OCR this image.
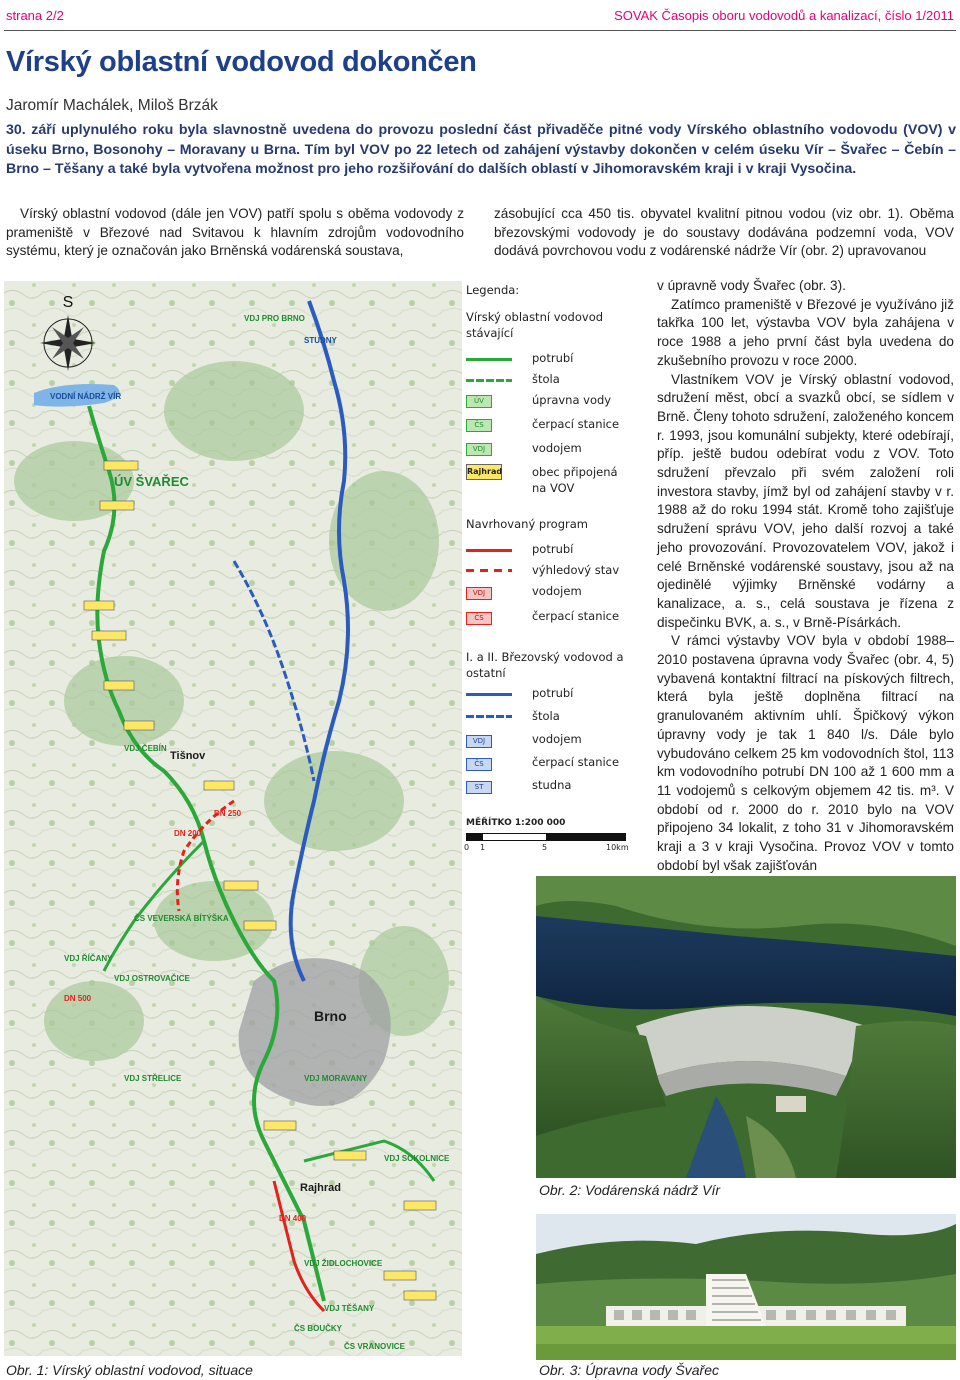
strana 2/2	SOVAK Časopis oboru vodovodů a kanalizací, číslo 1/2011
Vírský oblastní vodovod dokončen
Jaromír Machálek, Miloš Brzák
30. září uplynulého roku byla slavnostně uvedena do provozu poslední část přivaděče pitné vody Vírského oblastního vodovodu (VOV) v úseku Brno, Bosonohy – Moravany u Brna. Tím byl VOV po 22 letech od zahájení výstavby dokončen v celém úseku Vír – Švařec – Čebín – Brno – Těšany a také byla vytvořena možnost pro jeho rozšiřování do dalších oblastí v Jihomoravském kraji i v kraji Vysočina.

Vírský oblastní vodovod (dále jen VOV) patří spolu s oběma vodovody z prameniště v Březové nad Svitavou k hlavním zdrojům vodovodního systému, který je označován jako Brněnská vodárenská soustava,

zásobující cca 450 tis. obyvatel kvalitní pitnou vodou (viz obr. 1). Oběma březovskými vodovody je do soustavy dodávána podzemní voda, VOV dodává povrchovou vodu z vodárenské nádrže Vír (obr. 2) upravovanou

v úpravně vody Švařec (obr. 3).

Zatímco prameniště v Březové je využíváno již takřka 100 let, výstavba VOV byla zahájena v roce 1988 a jeho první část byla uvedena do zkušebního provozu v roce 2000.

Vlastníkem VOV je Vírský oblastní vodovod, sdružení měst, obcí a svazků obcí, se sídlem v Brně. Členy tohoto sdružení, založeného koncem r. 1993, jsou komunální subjekty, které odebírají, příp. ještě budou odebírat vodu z VOV. Toto sdružení převzalo při svém založení roli investora stavby, jímž byl od zahájení stavby v r. 1988 až do roku 1994 stát. Kromě toho zajišťuje sdružení správu VOV, jeho další rozvoj a také jeho provozování. Provozovatelem VOV, jakož i celé Brněnské vodárenské soustavy, jsou až na ojedinělé výjimky Brněnské vodárny a kanalizace, a. s., celá soustava je řízena z dispečinku BVK, a. s., v Brně-Písárkách.

V rámci výstavby VOV byla v období 1988–2010 postavena úpravna vody Švařec (obr. 4, 5) vybavená kontaktní filtrací na pískových filtrech, která byla ještě doplněna filtrací na granulovaném aktivním uhlí. Špičkový výkon úpravny vody je tak 1 840 l/s. Dále bylo vybudováno celkem 25 km vodovodních štol, 113 km vodovodního potrubí DN 100 až 1 600 mm a 11 vodojemů s celkovým objemem 42 tis. m³. V období od r. 2000 do r. 2010 bylo na VOV připojeno 34 lokalit, z toho 31 v Jihomoravském kraji a 3 v kraji Vysočina. Provoz VOV v tomto období byl však zajišťován

S
ÚV ŠVAŘEC
Brno
Tišnov
Rajhrad
VDJ PRO BRNO
VDJ ČEBÍN
VDJ ŘÍČANY
VDJ OSTROVAČICE
VDJ STŘELICE	VDJ MORAVANY
VDJ SOKOLNICE
VDJ ŽIDLOCHOVICE
VDJ TĚŠANY
ČS VEVERSKÁ BÍTÝŠKA
ČS VRANOVICE
ČS BOUČKY
VODNÍ NÁDRŽ VÍR
STUDNY
DN 200
DN 250
DN 400
DN 500
Legenda:
Vírský oblastní vodovod stávající
potrubí
štola
ÚV	úpravna vody
ČS	čerpací stanice
VDJ	vodojem
Rajhrad	obec připojená na VOV
Navrhovaný program
potrubí
výhledový stav
VDJ	vodojem
ČS	čerpací stanice
I. a II. Březovský vodovod a ostatní
potrubí
štola
VDJ	vodojem
ČS	čerpací stanice
ST	studna
MĚŘÍTKO 1:200 000
0 1	5	10km
Obr. 2: Vodárenská nádrž Vír
Obr. 1: Vírský oblastní vodovod, situace	Obr. 3: Úpravna vody Švařec
